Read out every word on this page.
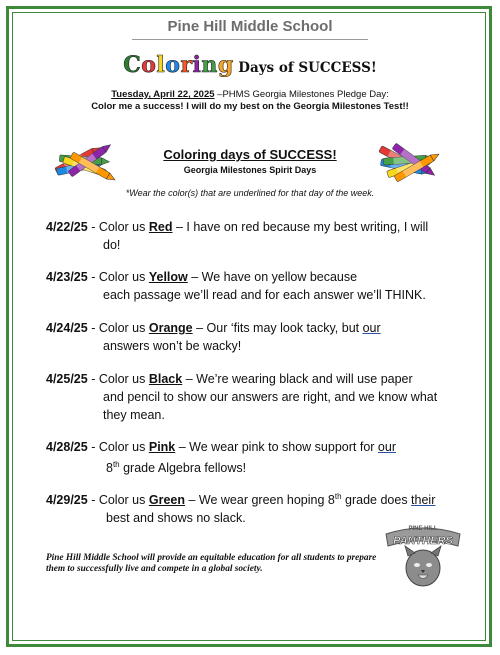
Pine Hill Middle School
Coloring Days of SUCCESS!
Tuesday, April 22, 2025 –PHMS Georgia Milestones Pledge Day:
Color me a success! I will do my best on the Georgia Milestones Test!!
Coloring days of SUCCESS!
Georgia Milestones Spirit Days
*Wear the color(s) that are underlined for that day of the week.
4/22/25 - Color us Red – I have on red because my best writing, I will
do!
4/23/25 - Color us Yellow – We have on yellow because
each passage we’ll read and for each answer we’ll THINK.
4/24/25 - Color us Orange – Our ‘fits may look tacky, but our
answers won’t be wacky!
4/25/25 - Color us Black – We’re wearing black and will use paper
and pencil to show our answers are right, and we know what
they mean.
4/28/25 - Color us Pink – We wear pink to show support for our
8th grade Algebra fellows!
4/29/25 - Color us Green – We wear green hoping 8th grade does their
best and shows no slack.
Pine Hill Middle School will provide an equitable education for all students to prepare them to successfully live and compete in a global society.
PINE HILL
PANTHERS
